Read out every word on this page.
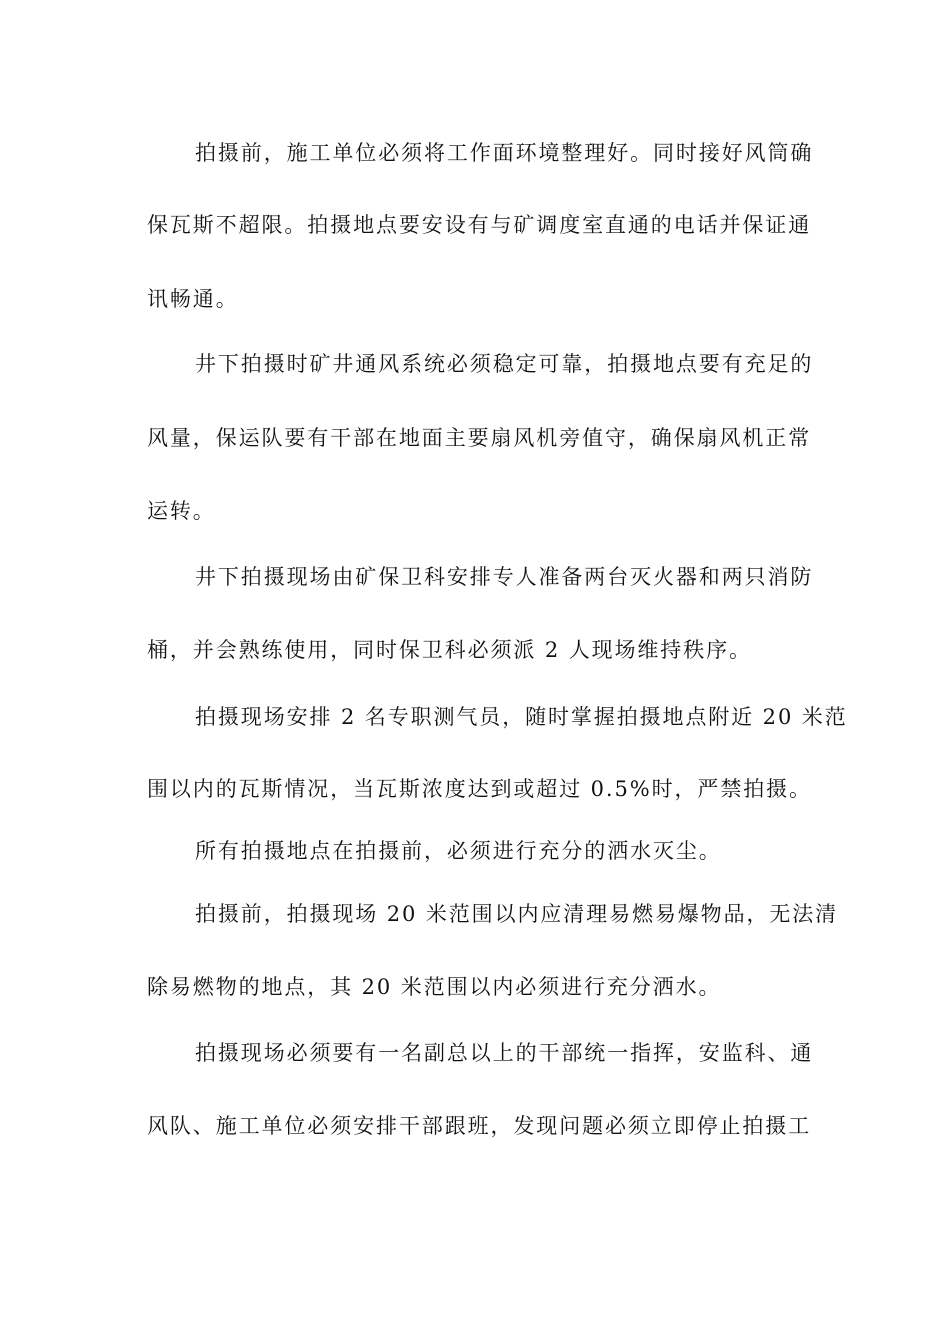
拍摄前，施工单位必须将工作面环境整理好。同时接好风筒确
保瓦斯不超限。拍摄地点要安设有与矿调度室直通的电话并保证通
讯畅通。
井下拍摄时矿井通风系统必须稳定可靠，拍摄地点要有充足的
风量，保运队要有干部在地面主要扇风机旁值守，确保扇风机正常
运转。
井下拍摄现场由矿保卫科安排专人准备两台灭火器和两只消防
桶，并会熟练使用，同时保卫科必须派 2 人现场维持秩序。
拍摄现场安排 2 名专职测气员，随时掌握拍摄地点附近 20 米范
围以内的瓦斯情况，当瓦斯浓度达到或超过 0.5%时，严禁拍摄。
所有拍摄地点在拍摄前，必须进行充分的洒水灭尘。
拍摄前，拍摄现场 20 米范围以内应清理易燃易爆物品，无法清
除易燃物的地点，其 20 米范围以内必须进行充分洒水。
拍摄现场必须要有一名副总以上的干部统一指挥，安监科、通
风队、施工单位必须安排干部跟班，发现问题必须立即停止拍摄工
